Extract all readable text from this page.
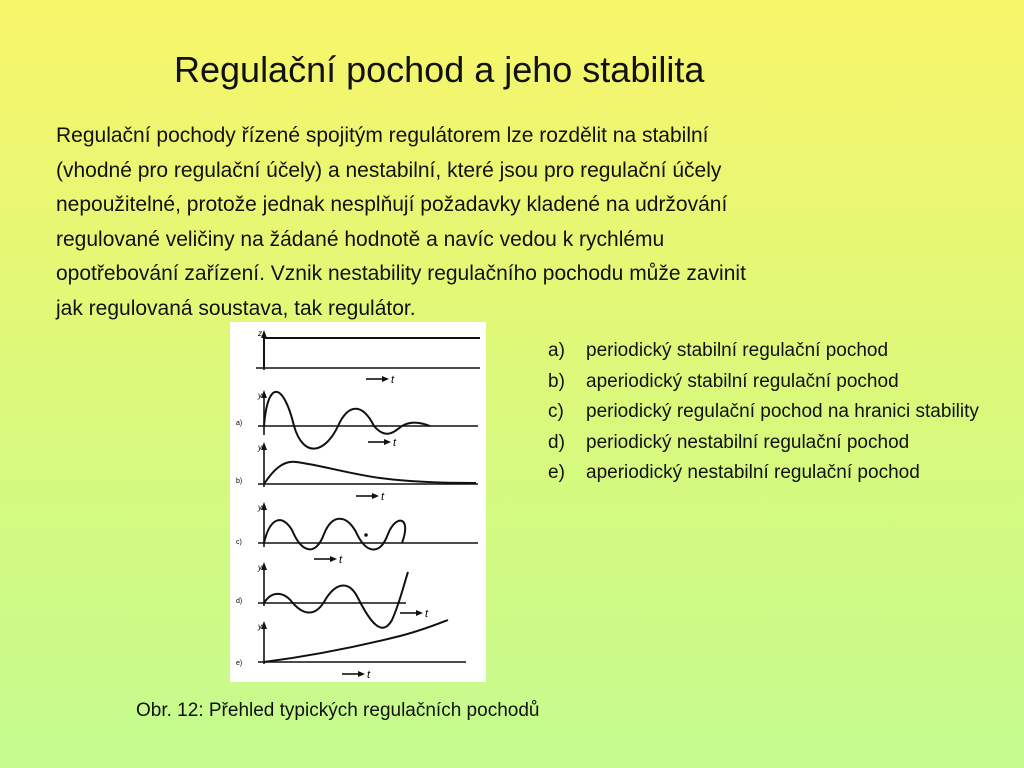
Regulační pochod a jeho stabilita

Regulační pochody řízené spojitým regulátorem lze rozdělit na stabilní
(vhodné pro regulační účely) a nestabilní, které jsou pro regulační účely
nepoužitelné, protože jednak nesplňují požadavky kladené na udržování
regulované veličiny na žádané hodnotě a navíc vedou k rychlému
opotřebování zařízení. Vznik nestability regulačního pochodu může zavinit
jak regulovaná soustava, tak regulátor.

z
t
y
a)
t
y
b)
t
y
c)
t
y
d)
t
y
e)
t
a) periodický stabilní regulační pochod
b) aperiodický stabilní regulační pochod
c) periodický regulační pochod na hranici stability
d) periodický nestabilní regulační pochod
e) aperiodický nestabilní regulační pochod
Obr. 12: Přehled typických regulačních pochodů
